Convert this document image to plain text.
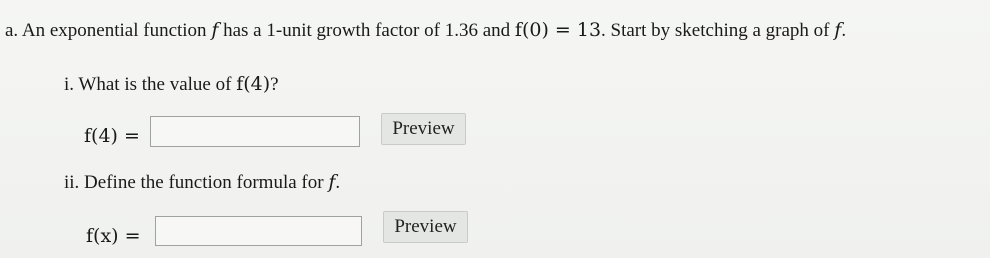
a. An exponential function f has a 1-unit growth factor of 1.36 and f(0) = 13. Start by sketching a graph of f.
i. What is the value of f(4)?
f(4) =	Preview
ii. Define the function formula for f.
f(x) =	Preview
